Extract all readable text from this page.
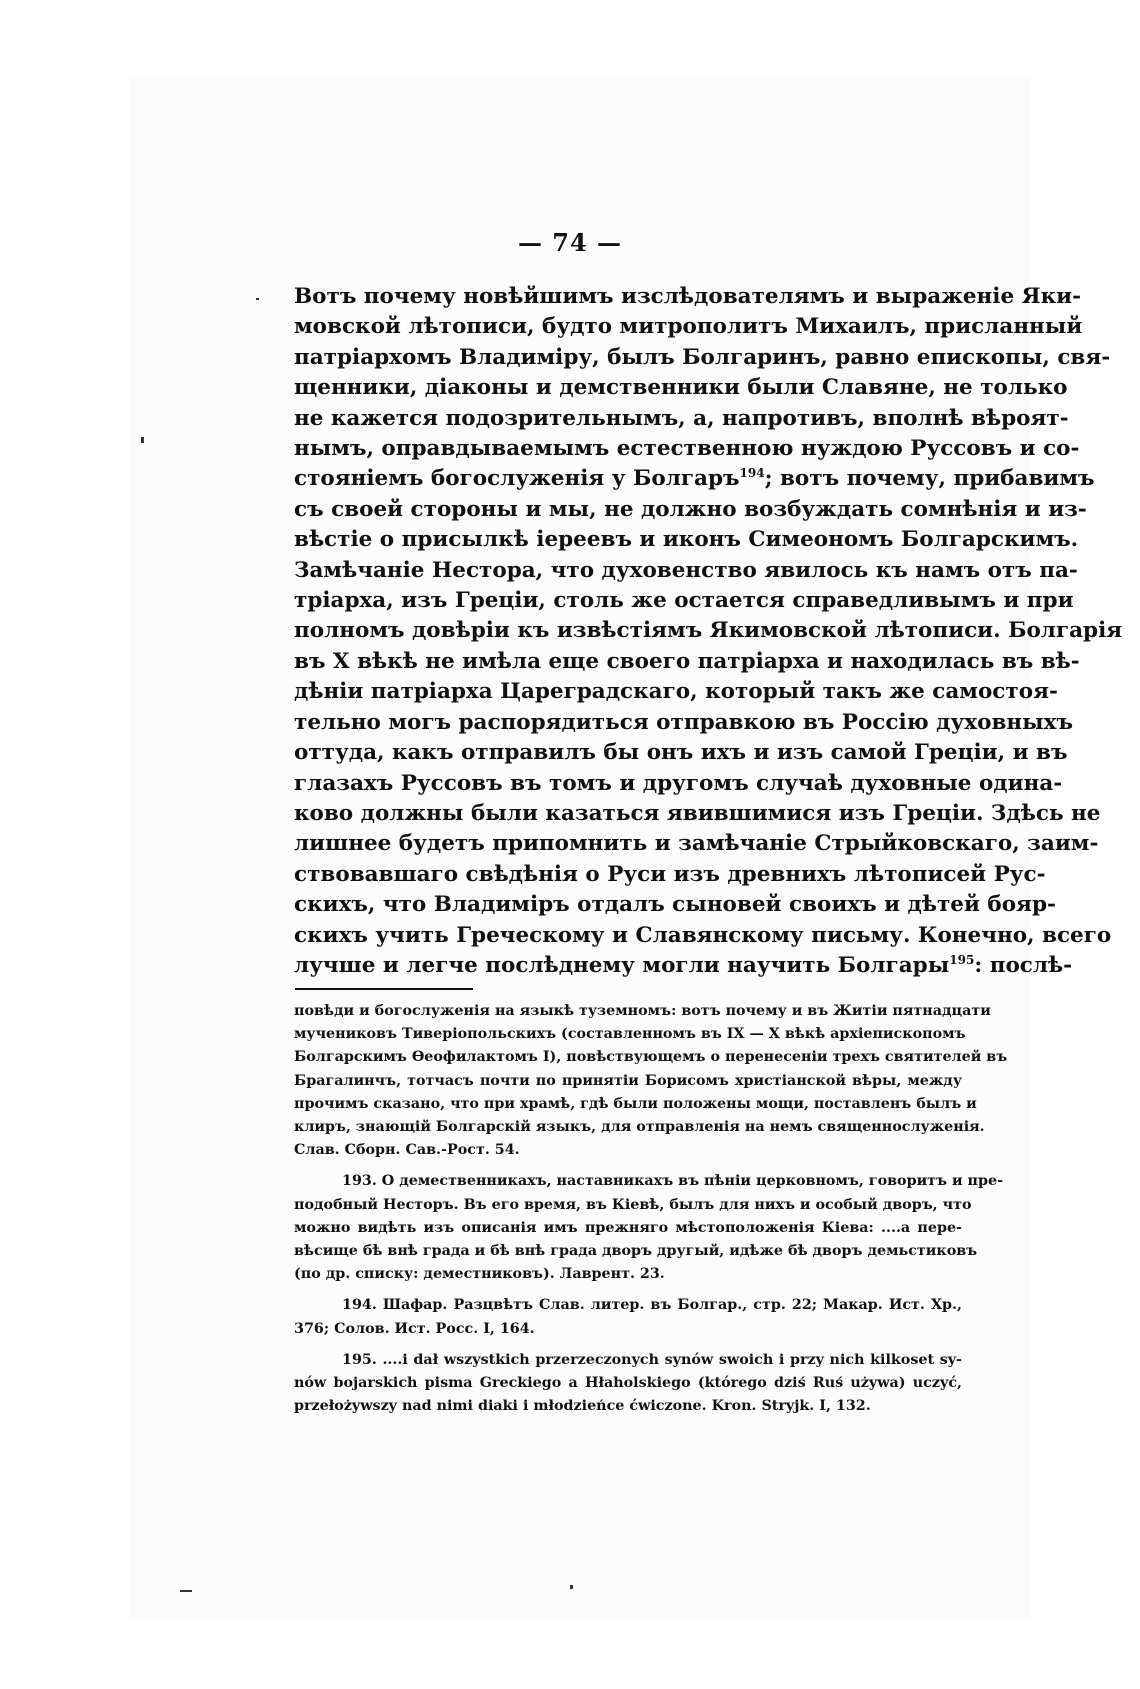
— 74 —
Вотъ почему новѣйшимъ изслѣдователямъ и выраженіе Яки-
мовской лѣтописи, будто митрополитъ Михаилъ, присланный
патріархомъ Владиміру, былъ Болгаринъ, равно епископы, свя-
щенники, діаконы и демственники были Славяне, не только
не кажется подозрительнымъ, а, напротивъ, вполнѣ вѣроят-
нымъ, оправдываемымъ естественною нуждою Руссовъ и со-
стояніемъ богослуженія у Болгаръ$^{194}$; вотъ почему, прибавимъ
съ своей стороны и мы, не должно возбуждать сомнѣнія и из-
вѣстіе о присылкѣ іереевъ и иконъ Симеономъ Болгарскимъ.
Замѣчаніе Нестора, что духовенство явилось къ намъ отъ па-
тріарха, изъ Греціи, столь же остается справедливымъ и при
полномъ довѣріи къ извѣстіямъ Якимовской лѣтописи. Болгарія
въ X вѣкѣ не имѣла еще своего патріарха и находилась въ вѣ-
дѣніи патріарха Цареградскаго, который такъ же самостоя-
тельно могъ распорядиться отправкою въ Россію духовныхъ
оттуда, какъ отправилъ бы онъ ихъ и изъ самой Греціи, и въ
глазахъ Руссовъ въ томъ и другомъ случаѣ духовные одина-
ково должны были казаться явившимися изъ Греціи. Здѣсь не
лишнее будетъ припомнить и замѣчаніе Стрыйковскаго, заим-
ствовавшаго свѣдѣнія о Руси изъ древнихъ лѣтописей Рус-
скихъ, что Владиміръ отдалъ сыновей своихъ и дѣтей бояр-
скихъ учить Греческому и Славянскому письму. Конечно, всего
лучше и легче послѣднему могли научить Болгары$^{195}$: послѣ-
повѣди и богослуженія на языкѣ туземномъ: вотъ почему и въ Житіи пятнадцати
мучениковъ Тивеpіопольскихъ (составленномъ въ IX — X вѣкѣ архіепископомъ
Болгарскимъ Ѳеофилактомъ I), повѣствующемъ о перенесеніи трехъ святителей въ
Брагалинчъ, тотчасъ почти по принятіи Борисомъ христіанской вѣры, между
прочимъ сказано, что при храмѣ, гдѣ были положены мощи, поставленъ былъ и
клиръ, знающій Болгарскій языкъ, для отправленія на немъ священнослуженія.
Слав. Сборн. Сав.-Рост. 54.
193. О демественникахъ, наставникахъ въ пѣніи церковномъ, говоритъ и пре-
подобный Несторъ. Въ его время, въ Кіевѣ, былъ для нихъ и особый дворъ, что
можно видѣть изъ описанія имъ прежняго мѣстоположенія Кіева: ....а пере-
вѣсище бѣ внѣ града и бѣ внѣ града дворъ другый, идѣже бѣ дворъ демьстиковъ
(по др. списку: деместниковъ). Лаврент. 23.
194. Шафар. Разцвѣтъ Слав. литер. въ Болгар., стр. 22; Макар. Ист. Хр.,
376; Солов. Ист. Росс. I, 164.
195. ....i dał wszystkich przerzeczonych synów swoich i przy nich kilkoset sy-
nów bojarskich pisma Greckiego a Hłaholskiego (którego dziś Ruś używa) uczyć,
przełożywszy nad nimi diaki i młodzieńce ćwiczone. Kron. Stryjk. I, 132.
